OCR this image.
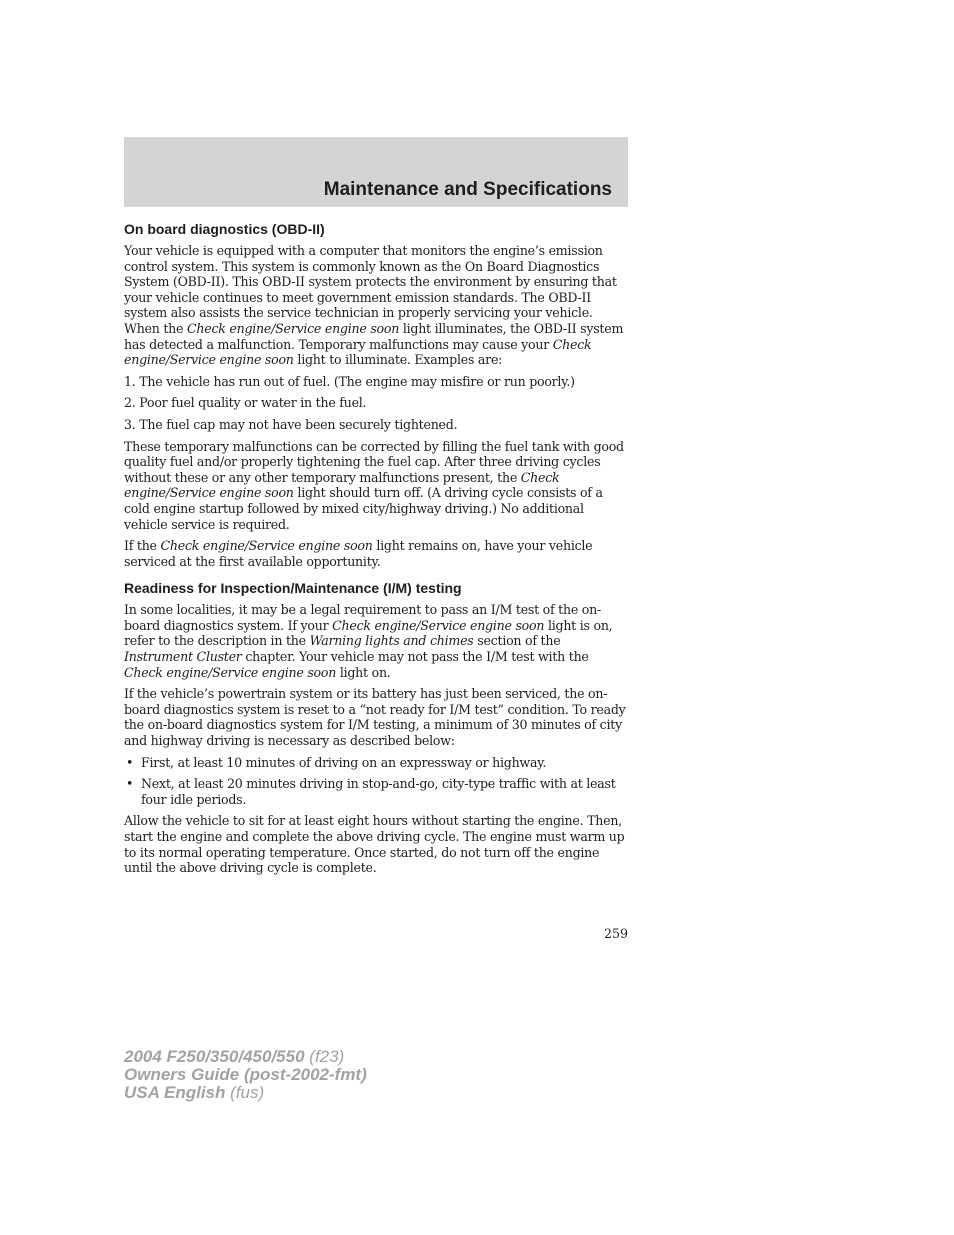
Maintenance and Specifications
On board diagnostics (OBD-II)

Your vehicle is equipped with a computer that monitors the engine’s emission control system. This system is commonly known as the On Board Diagnostics System (OBD-II). This OBD-II system protects the environment by ensuring that your vehicle continues to meet government emission standards. The OBD-II system also assists the service technician in properly servicing your vehicle. When the Check engine/Service engine soon light illuminates, the OBD-II system has detected a malfunction. Temporary malfunctions may cause your Check engine/Service engine soon light to illuminate. Examples are:

1. The vehicle has run out of fuel. (The engine may misfire or run poorly.)

2. Poor fuel quality or water in the fuel.

3. The fuel cap may not have been securely tightened.

These temporary malfunctions can be corrected by filling the fuel tank with good quality fuel and/or properly tightening the fuel cap. After three driving cycles without these or any other temporary malfunctions present, the Check engine/Service engine soon light should turn off. (A driving cycle consists of a cold engine startup followed by mixed city/highway driving.) No additional vehicle service is required.

If the Check engine/Service engine soon light remains on, have your vehicle serviced at the first available opportunity.

Readiness for Inspection/Maintenance (I/M) testing

In some localities, it may be a legal requirement to pass an I/M test of the on-board diagnostics system. If your Check engine/Service engine soon light is on, refer to the description in the Warning lights and chimes section of the Instrument Cluster chapter. Your vehicle may not pass the I/M test with the Check engine/Service engine soon light on.

If the vehicle’s powertrain system or its battery has just been serviced, the on-board diagnostics system is reset to a “not ready for I/M test” condition. To ready the on-board diagnostics system for I/M testing, a minimum of 30 minutes of city and highway driving is necessary as described below:

• First, at least 10 minutes of driving on an expressway or highway.
• Next, at least 20 minutes driving in stop-and-go, city-type traffic with at least four idle periods.

Allow the vehicle to sit for at least eight hours without starting the engine. Then, start the engine and complete the above driving cycle. The engine must warm up to its normal operating temperature. Once started, do not turn off the engine until the above driving cycle is complete.

259
2004 F250/350/450/550 (f23)
Owners Guide (post-2002-fmt)
USA English (fus)
